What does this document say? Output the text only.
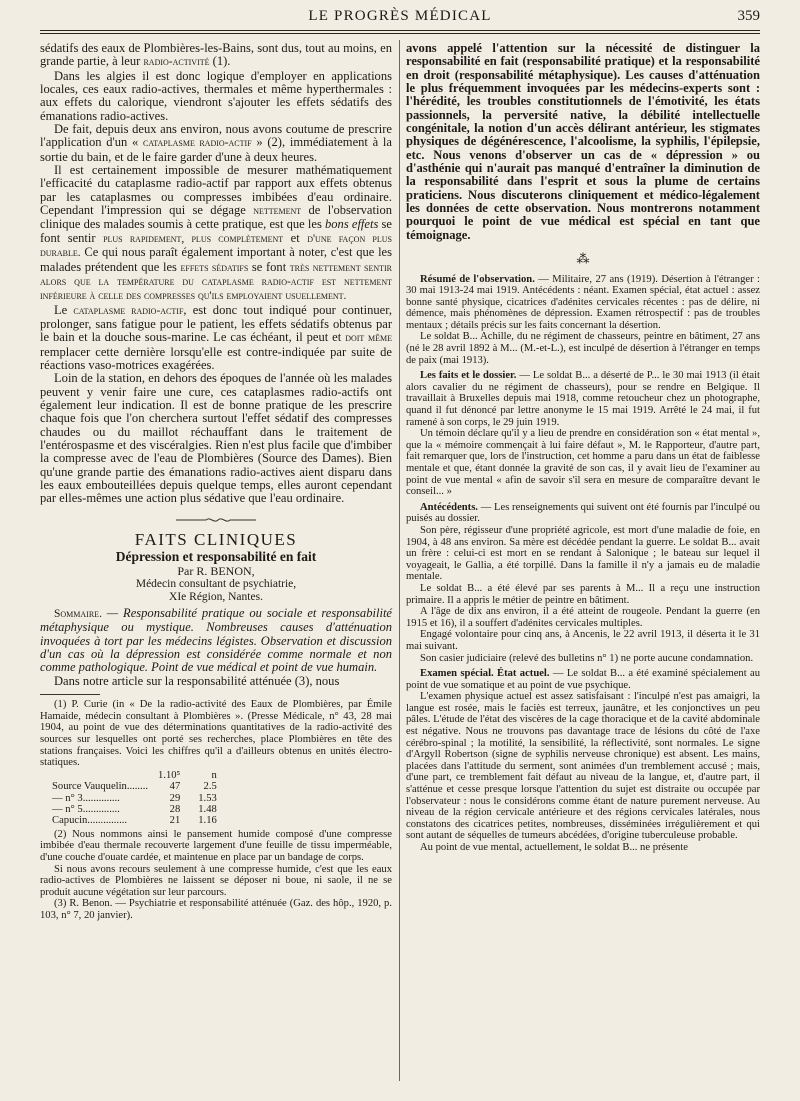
LE PROGRÈS MÉDICAL	359

sédatifs des eaux de Plombières-les-Bains, sont dus, tout au moins, en grande partie, à leur radio-activité (1).

Dans les algies il est donc logique d'employer en applications locales, ces eaux radio-actives, thermales et même hyperthermales : aux effets du calorique, viendront s'ajouter les effets sédatifs des émanations radio-actives.

De fait, depuis deux ans environ, nous avons coutume de prescrire l'application d'un « cataplasme radio-actif » (2), immédiatement à la sortie du bain, et de le faire garder d'une à deux heures.

Il est certainement impossible de mesurer mathématiquement l'efficacité du cataplasme radio-actif par rapport aux effets obtenus par les cataplasmes ou compresses imbibées d'eau ordinaire. Cependant l'impression qui se dégage nettement de l'observation clinique des malades soumis à cette pratique, est que les bons effets se font sentir plus rapidement, plus complètement et d'une façon plus durable. Ce qui nous paraît également important à noter, c'est que les malades prétendent que les effets sédatifs se font très nettement sentir alors que la température du cataplasme radio-actif est nettement inférieure à celle des compresses qu'ils employaient usuellement.

Le cataplasme radio-actif, est donc tout indiqué pour continuer, prolonger, sans fatigue pour le patient, les effets sédatifs obtenus par le bain et la douche sous-marine. Le cas échéant, il peut et doit même remplacer cette dernière lorsqu'elle est contre-indiquée par suite de réactions vaso-motrices exagérées.

Loin de la station, en dehors des époques de l'année où les malades peuvent y venir faire une cure, ces cataplasmes radio-actifs ont également leur indication. Il est de bonne pratique de les prescrire chaque fois que l'on cherchera surtout l'effet sédatif des compresses chaudes ou du maillot réchauffant dans le traitement de l'entérospasme et des viscéralgies. Rien n'est plus facile que d'imbiber la compresse avec de l'eau de Plombières (Source des Dames). Bien qu'une grande partie des émanations radio-actives aient disparu dans les eaux embouteillées depuis quelque temps, elles auront cependant par elles-mêmes une action plus sédative que l'eau ordinaire.

FAITS CLINIQUES
Dépression et responsabilité en fait
Par R. BENON,
Médecin consultant de psychiatrie,
XIe Région, Nantes.

Sommaire. — Responsabilité pratique ou sociale et responsabilité métaphysique ou mystique. Nombreuses causes d'atténuation invoquées à tort par les médecins légistes. Observation et discussion d'un cas où la dépression est considérée comme normale et non comme pathologique. Point de vue médical et point de vue humain.

Dans notre article sur la responsabilité atténuée (3), nous

(1) P. Curie (in « De la radio-activité des Eaux de Plombières, par Émile Hamaide, médecin consultant à Plombières ». (Presse Médicale, n° 43, 28 mai 1904, au point de vue des déterminations quantitatives de la radio-activité des sources sur lesquelles ont porté ses recherches, place Plombières en tête des stations françaises. Voici les chiffres qu'il a d'ailleurs obtenus en unités électro-statiques.

	1.10⁵	n
Source Vauquelin........	47	2.5
— n° 3..............	29	1.53
— n° 5..............	28	1.48
Capucin...............	21	1.16

(2) Nous nommons ainsi le pansement humide composé d'une compresse imbibée d'eau thermale recouverte largement d'une feuille de tissu imperméable, d'une couche d'ouate cardée, et maintenue en place par un bandage de corps.

Si nous avons recours seulement à une compresse humide, c'est que les eaux radio-actives de Plombières ne laissent se déposer ni boue, ni saole, il ne se produit aucune végétation sur leur parcours.

(3) R. Benon. — Psychiatrie et responsabilité atténuée (Gaz. des hôp., 1920, p. 103, n° 7, 20 janvier).

avons appelé l'attention sur la nécessité de distinguer la responsabilité en fait (responsabilité pratique) et la responsabilité en droit (responsabilité métaphysique). Les causes d'atténuation le plus fréquemment invoquées par les médecins-experts sont : l'hérédité, les troubles constitutionnels de l'émotivité, les états passionnels, la perversité native, la débilité intellectuelle congénitale, la notion d'un accès délirant antérieur, les stigmates physiques de dégénérescence, l'alcoolisme, la syphilis, l'épilepsie, etc. Nous venons d'observer un cas de « dépression » ou d'asthénie qui n'aurait pas manqué d'entraîner la diminution de la responsabilité dans l'esprit et sous la plume de certains praticiens. Nous discuterons cliniquement et médico-légalement les données de cette observation. Nous montrerons notamment pourquoi le point de vue médical est spécial en tant que témoignage.

⁂

Résumé de l'observation. — Militaire, 27 ans (1919). Désertion à l'étranger : 30 mai 1913-24 mai 1919. Antécédents : néant. Examen spécial, état actuel : assez bonne santé physique, cicatrices d'adénites cervicales récentes : pas de délire, ni démence, mais phénomènes de dépression. Examen rétrospectif : pas de troubles mentaux ; détails précis sur les faits concernant la désertion.

Le soldat B... Achille, du ne régiment de chasseurs, peintre en bâtiment, 27 ans (né le 28 avril 1892 à M... (M.-et-L.), est inculpé de désertion à l'étranger en temps de paix (mai 1913).

Les faits et le dossier. — Le soldat B... a déserté de P... le 30 mai 1913 (il était alors cavalier du ne régiment de chasseurs), pour se rendre en Belgique. Il travaillait à Bruxelles depuis mai 1918, comme retoucheur chez un photographe, quand il fut dénoncé par lettre anonyme le 15 mai 1919. Arrêté le 24 mai, il fut ramené à son corps, le 29 juin 1919.

Un témoin déclare qu'il y a lieu de prendre en considération son « état mental », que la « mémoire commençait à lui faire défaut », M. le Rapporteur, d'autre part, fait remarquer que, lors de l'instruction, cet homme a paru dans un état de faiblesse mentale et que, étant donnée la gravité de son cas, il y avait lieu de l'examiner au point de vue mental « afin de savoir s'il sera en mesure de comparaître devant le conseil... »

Antécédents. — Les renseignements qui suivent ont été fournis par l'inculpé ou puisés au dossier.

Son père, régisseur d'une propriété agricole, est mort d'une maladie de foie, en 1904, à 48 ans environ. Sa mère est décédée pendant la guerre. Le soldat B... avait un frère : celui-ci est mort en se rendant à Salonique ; le bateau sur lequel il voyageait, le Gallia, a été torpillé. Dans la famille il n'y a jamais eu de maladie mentale.

Le soldat B... a été élevé par ses parents à M... Il a reçu une instruction primaire. Il a appris le métier de peintre en bâtiment.

A l'âge de dix ans environ, il a été atteint de rougeole. Pendant la guerre (en 1915 et 16), il a souffert d'adénites cervicales multiples.

Engagé volontaire pour cinq ans, à Ancenis, le 22 avril 1913, il déserta it le 31 mai suivant.

Son casier judiciaire (relevé des bulletins n° 1) ne porte aucune condamnation.

Examen spécial. État actuel. — Le soldat B... a été examiné spécialement au point de vue somatique et au point de vue psychique.

L'examen physique actuel est assez satisfaisant : l'inculpé n'est pas amaigri, la langue est rosée, mais le faciès est terreux, jaunâtre, et les conjonctives un peu pâles. L'étude de l'état des viscères de la cage thoracique et de la cavité abdominale est négative. Nous ne trouvons pas davantage trace de lésions du côté de l'axe cérébro-spinal ; la motilité, la sensibilité, la réflectivité, sont normales. Le signe d'Argyll Robertson (signe de syphilis nerveuse chronique) est absent. Les mains, placées dans l'attitude du serment, sont animées d'un tremblement accusé ; mais, d'une part, ce tremblement fait défaut au niveau de la langue, et, d'autre part, il s'atténue et cesse presque lorsque l'attention du sujet est distraite ou occupée par l'observateur : nous le considérons comme étant de nature purement nerveuse. Au niveau de la région cervicale antérieure et des régions cervicales latérales, nous constatons des cicatrices petites, nombreuses, disséminées irrégulièrement et qui sont autant de séquelles de tumeurs abcédées, d'origine tuberculeuse probable.

Au point de vue mental, actuellement, le soldat B... ne présente
